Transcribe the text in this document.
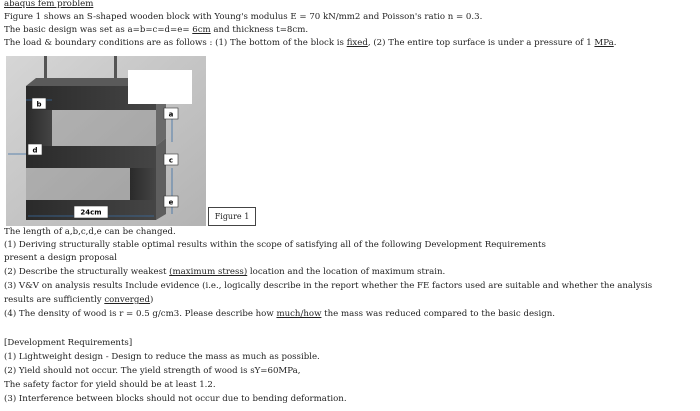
abaqus fem problem
Figure 1 shows an S-shaped wooden block with Young's modulus E = 70 kN/mm2 and Poisson's ratio n = 0.3.
The basic design was set as a=b=c=d=e= 6cm and thickness t=8cm.
The load & boundary conditions are as follows : (1) The bottom of the block is fixed, (2) The entire top surface is under a pressure of 1 MPa.
b
d
a
c
e
24cm	Figure 1
The length of a,b,c,d,e can be changed.
(1) Deriving structurally stable optimal results within the scope of satisfying all of the following Development Requirements
present a design proposal
(2) Describe the structurally weakest (maximum stress) location and the location of maximum strain.
(3) V&V on analysis results Include evidence (i.e., logically describe in the report whether the FE factors used are suitable and whether the analysis
results are sufficiently converged)
(4) The density of wood is r = 0.5 g/cm3. Please describe how much/how the mass was reduced compared to the basic design.
[Development Requirements]
(1) Lightweight design - Design to reduce the mass as much as possible.
(2) Yield should not occur. The yield strength of wood is sY=60MPa,
The safety factor for yield should be at least 1.2.
(3) Interference between blocks should not occur due to bending deformation.
